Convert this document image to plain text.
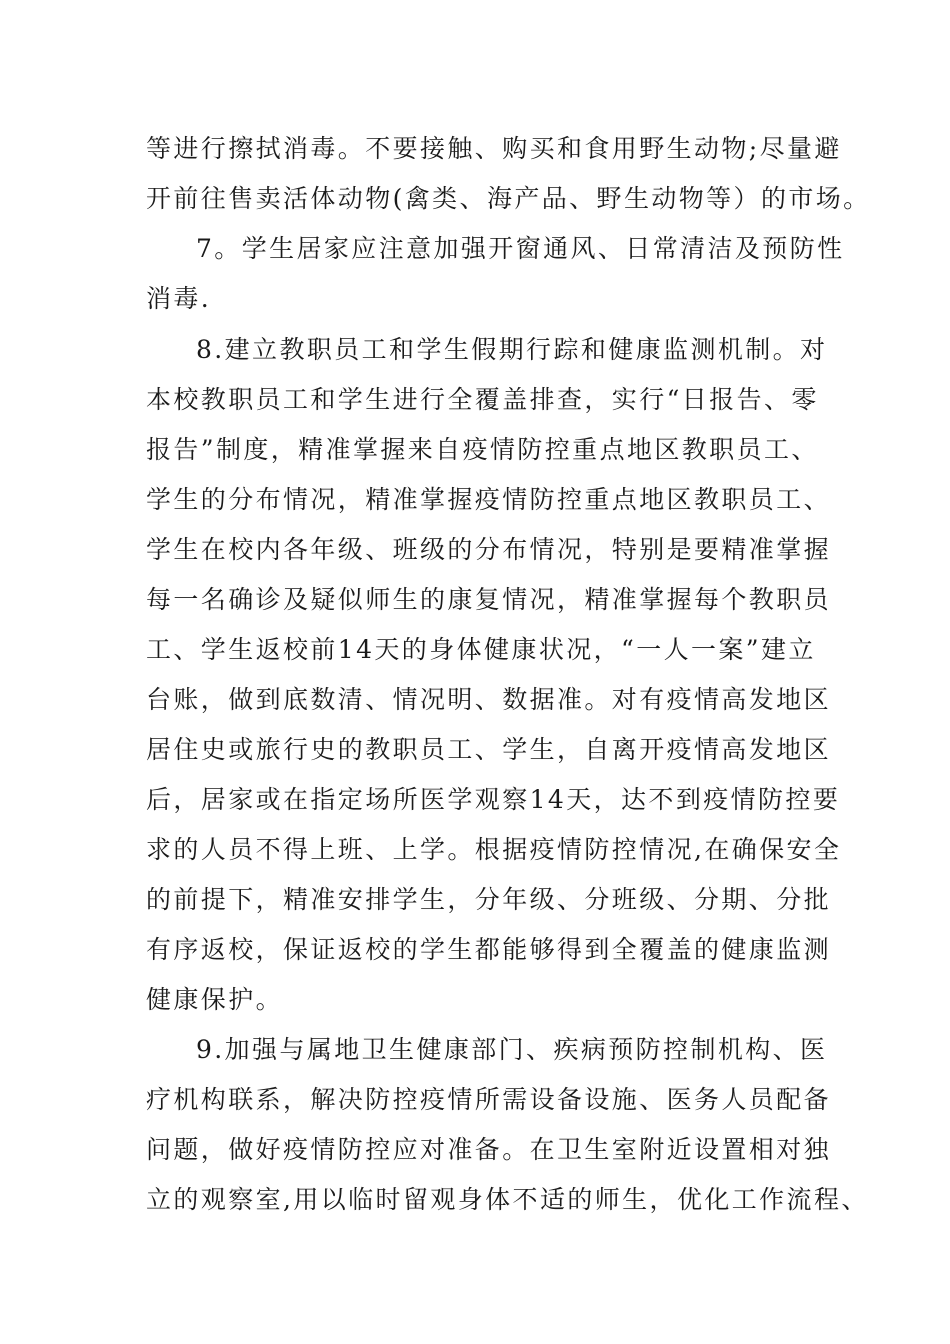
等进行擦拭消毒。不要接触、购买和食用野生动物;尽量避
开前往售卖活体动物(禽类、海产品、野生动物等）的市场。
7。学生居家应注意加强开窗通风、日常清洁及预防性
消毒.
8.建立教职员工和学生假期行踪和健康监测机制。对
本校教职员工和学生进行全覆盖排查，实行“日报告、零
报告”制度，精准掌握来自疫情防控重点地区教职员工、
学生的分布情况，精准掌握疫情防控重点地区教职员工、
学生在校内各年级、班级的分布情况，特别是要精准掌握
每一名确诊及疑似师生的康复情况，精准掌握每个教职员
工、学生返校前14天的身体健康状况，“一人一案”建立
台账，做到底数清、情况明、数据准。对有疫情高发地区
居住史或旅行史的教职员工、学生，自离开疫情高发地区
后，居家或在指定场所医学观察14天，达不到疫情防控要
求的人员不得上班、上学。根据疫情防控情况,在确保安全
的前提下，精准安排学生，分年级、分班级、分期、分批
有序返校，保证返校的学生都能够得到全覆盖的健康监测
健康保护。
9.加强与属地卫生健康部门、疾病预防控制机构、医
疗机构联系，解决防控疫情所需设备设施、医务人员配备
问题，做好疫情防控应对准备。在卫生室附近设置相对独
立的观察室,用以临时留观身体不适的师生，优化工作流程、
